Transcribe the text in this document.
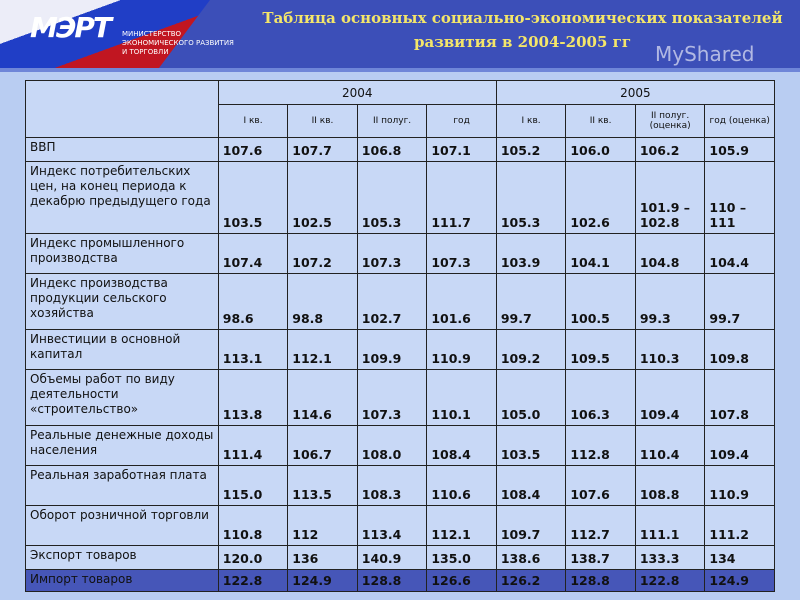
МЭРТ	МИНИСТЕРСТВО
ЭКОНОМИЧЕСКОГО РАЗВИТИЯ
И ТОРГОВЛИ
Таблица основных социально-экономических показателей
развития в 2004-2005 гг	MyShared
	2004				2005			
	I кв.	II кв.	II полуг.	год	I кв.	II кв.	II полуг. (оценка)	год (оценка)
ВВП	107.6	107.7	106.8	107.1	105.2	106.0	106.2	105.9
Индекс потребительских цен, на конец периода к декабрю предыдущего года	103.5	102.5	105.3	111.7	105.3	102.6	101.9 – 102.8	110 – 111
Индекс промышленного производства	107.4	107.2	107.3	107.3	103.9	104.1	104.8	104.4
Индекс производства продукции сельского хозяйства	98.6	98.8	102.7	101.6	99.7	100.5	99.3	99.7
Инвестиции в основной капитал	113.1	112.1	109.9	110.9	109.2	109.5	110.3	109.8
Объемы работ по виду деятельности «строительство»	113.8	114.6	107.3	110.1	105.0	106.3	109.4	107.8
Реальные денежные доходы населения	111.4	106.7	108.0	108.4	103.5	112.8	110.4	109.4
Реальная заработная плата	115.0	113.5	108.3	110.6	108.4	107.6	108.8	110.9
Оборот розничной торговли	110.8	112	113.4	112.1	109.7	112.7	111.1	111.2
Экспорт товаров	120.0	136	140.9	135.0	138.6	138.7	133.3	134
Импорт товаров	122.8	124.9	128.8	126.6	126.2	128.8	122.8	124.9
